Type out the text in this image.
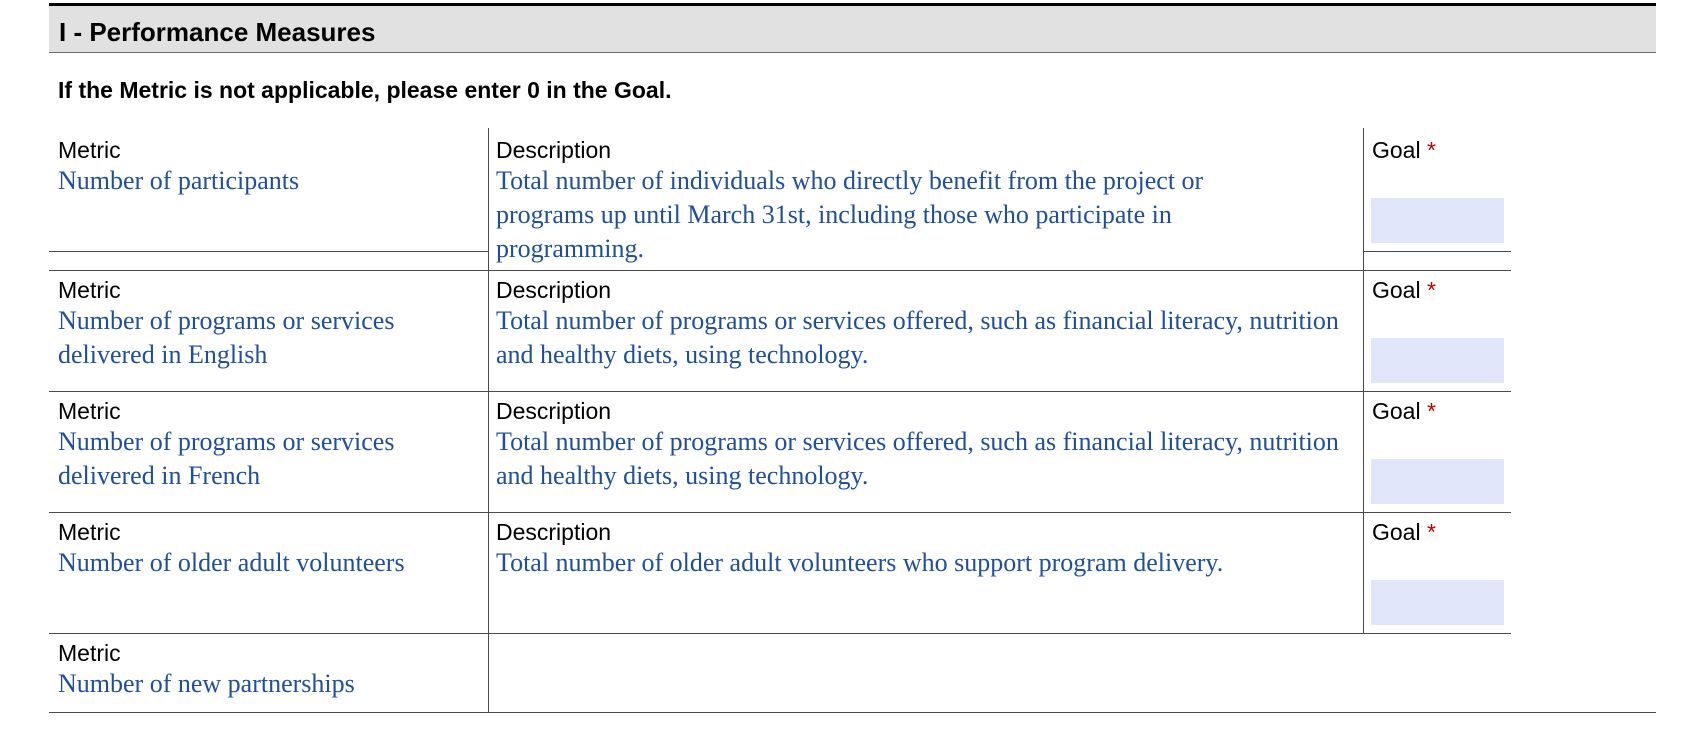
I - Performance Measures
If the Metric is not applicable, please enter 0 in the Goal.
Metric
Number of participants
Description
Total number of individuals who directly benefit from the project or programs up until March 31st, including those who participate in programming.
Goal *
Metric
Number of programs or services delivered in English
Description
Total number of programs or services offered, such as financial literacy, nutrition and healthy diets, using technology.
Goal *
Metric
Number of programs or services delivered in French
Description
Total number of programs or services offered, such as financial literacy, nutrition and healthy diets, using technology.
Goal *
Metric
Number of older adult volunteers
Description
Total number of older adult volunteers who support program delivery.
Goal *
Metric
Number of new partnerships
